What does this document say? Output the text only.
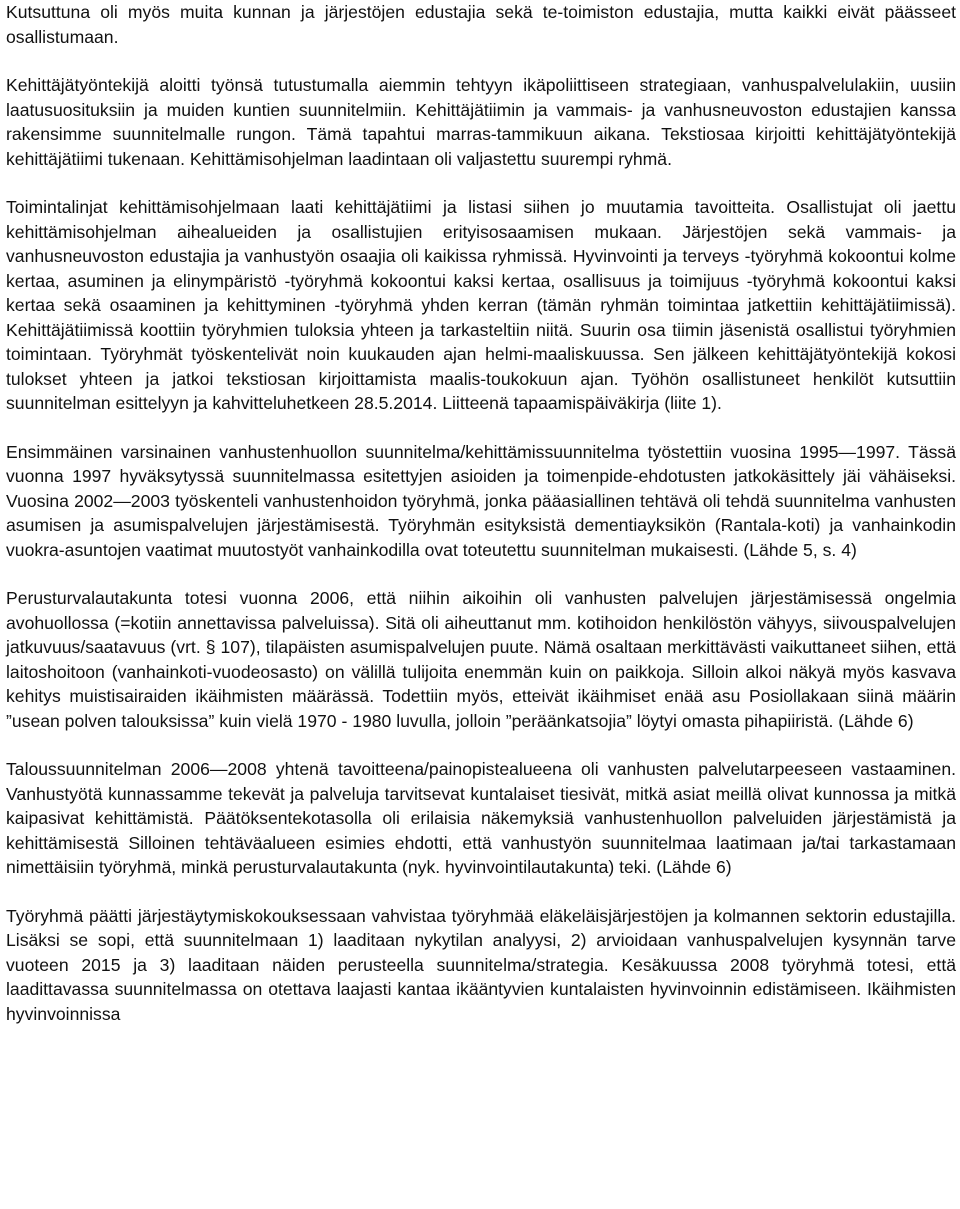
Kutsuttuna oli myös muita kunnan ja järjestöjen edustajia sekä te-toimiston edustajia, mutta kaikki eivät päässeet osallistumaan.

Kehittäjätyöntekijä aloitti työnsä tutustumalla aiemmin tehtyyn ikäpoliittiseen strategiaan, vanhuspalvelulakiin, uusiin laatusuosituksiin ja muiden kuntien suunnitelmiin. Kehittäjätiimin ja vammais- ja vanhusneuvoston edustajien kanssa rakensimme suunnitelmalle rungon. Tämä tapahtui marras-tammikuun aikana. Tekstiosaa kirjoitti kehittäjätyöntekijä kehittäjätiimi tukenaan. Kehittämisohjelman laadintaan oli valjastettu suurempi ryhmä.

Toimintalinjat kehittämisohjelmaan laati kehittäjätiimi ja listasi siihen jo muutamia tavoitteita. Osallistujat oli jaettu kehittämisohjelman aihealueiden ja osallistujien erityisosaamisen mukaan. Järjestöjen sekä vammais- ja vanhusneuvoston edustajia ja vanhustyön osaajia oli kaikissa ryhmissä. Hyvinvointi ja terveys -työryhmä kokoontui kolme kertaa, asuminen ja elinympäristö -työryhmä kokoontui kaksi kertaa, osallisuus ja toimijuus -työryhmä kokoontui kaksi kertaa sekä osaaminen ja kehittyminen -työryhmä yhden kerran (tämän ryhmän toimintaa jatkettiin kehittäjätiimissä). Kehittäjätiimissä koottiin työryhmien tuloksia yhteen ja tarkasteltiin niitä. Suurin osa tiimin jäsenistä osallistui työryhmien toimintaan. Työryhmät työskentelivät noin kuukauden ajan helmi-maaliskuussa. Sen jälkeen kehittäjätyöntekijä kokosi tulokset yhteen ja jatkoi tekstiosan kirjoittamista maalis-toukokuun ajan. Työhön osallistuneet henkilöt kutsuttiin suunnitelman esittelyyn ja kahvitteluhetkeen 28.5.2014. Liitteenä tapaamispäiväkirja (liite 1).

Ensimmäinen varsinainen vanhustenhuollon suunnitelma/kehittämissuunnitelma työstettiin vuosina 1995—1997. Tässä vuonna 1997 hyväksytyssä suunnitelmassa esitettyjen asioiden ja toimenpide-ehdotusten jatkokäsittely jäi vähäiseksi. Vuosina 2002—2003 työskenteli vanhustenhoidon työryhmä, jonka pääasiallinen tehtävä oli tehdä suunnitelma vanhusten asumisen ja asumispalvelujen järjestämisestä. Työryhmän esityksistä dementiayksikön (Rantala-koti) ja vanhainkodin vuokra-asuntojen vaatimat muutostyöt vanhainkodilla ovat toteutettu suunnitelman mukaisesti. (Lähde 5, s. 4)

Perusturvalautakunta totesi vuonna 2006, että niihin aikoihin oli vanhusten palvelujen järjestämisessä ongelmia avohuollossa (=kotiin annettavissa palveluissa). Sitä oli aiheuttanut mm. kotihoidon henkilöstön vähyys, siivouspalvelujen jatkuvuus/saatavuus (vrt. § 107), tilapäisten asumispalvelujen puute. Nämä osaltaan merkittävästi vaikuttaneet siihen, että laitoshoitoon (vanhainkoti-vuodeosasto) on välillä tulijoita enemmän kuin on paikkoja. Silloin alkoi näkyä myös kasvava kehitys muistisairaiden ikäihmisten määrässä. Todettiin myös, etteivät ikäihmiset enää asu Posiollakaan siinä määrin ”usean polven talouksissa” kuin vielä 1970 - 1980 luvulla, jolloin ”peräänkatsojia” löytyi omasta pihapiiristä. (Lähde 6)

Taloussuunnitelman 2006—2008 yhtenä tavoitteena/painopistealueena oli vanhusten palvelutarpeeseen vastaaminen. Vanhustyötä kunnassamme tekevät ja palveluja tarvitsevat kuntalaiset tiesivät, mitkä asiat meillä olivat kunnossa ja mitkä kaipasivat kehittämistä. Päätöksentekotasolla oli erilaisia näkemyksiä vanhustenhuollon palveluiden järjestämistä ja kehittämisestä Silloinen tehtäväalueen esimies ehdotti, että vanhustyön suunnitelmaa laatimaan ja/tai tarkastamaan nimettäisiin työryhmä, minkä perusturvalautakunta (nyk. hyvinvointilautakunta) teki. (Lähde 6)

Työryhmä päätti järjestäytymiskokouksessaan vahvistaa työryhmää eläkeläisjärjestöjen ja kolmannen sektorin edustajilla. Lisäksi se sopi, että suunnitelmaan 1) laaditaan nykytilan analyysi, 2) arvioidaan vanhuspalvelujen kysynnän tarve vuoteen 2015 ja 3) laaditaan näiden perusteella suunnitelma/strategia. Kesäkuussa 2008 työryhmä totesi, että laadittavassa suunnitelmassa on otettava laajasti kantaa ikääntyvien kuntalaisten hyvinvoinnin edistämiseen. Ikäihmisten hyvinvoinnissa
